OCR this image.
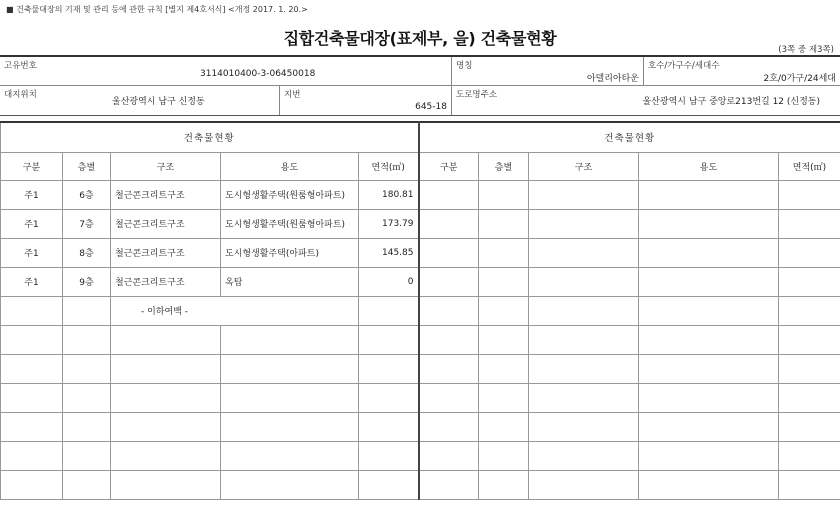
■ 건축물대장의 기재 및 관리 등에 관한 규칙 [별지 제4호서식] <개정 2017. 1. 20.>
집합건축물대장(표제부, 을) 건축물현황
(3쪽 중 제3쪽)
고유번호
3114010400-3-06450018
명칭
아델리아타운
호수/가구수/세대수
2호/0가구/24세대
대지위치
울산광역시 남구 신정동
지번
645-18
도로명주소
울산광역시 남구 중앙로213번길 12 (신정동)
건축물현황					건축물현황				
구분	층별	구조	용도	면적(㎡)	구분	층별	구조	용도	면적(㎡)
주1	6층	철근콘크리트구조	도시형생활주택(원룸형아파트)	180.81					
주1	7층	철근콘크리트구조	도시형생활주택(원룸형아파트)	173.79					
주1	8층	철근콘크리트구조	도시형생활주택(아파트)	145.85					
주1	9층	철근콘크리트구조	옥탑	0					
		- 이하여백 -							
